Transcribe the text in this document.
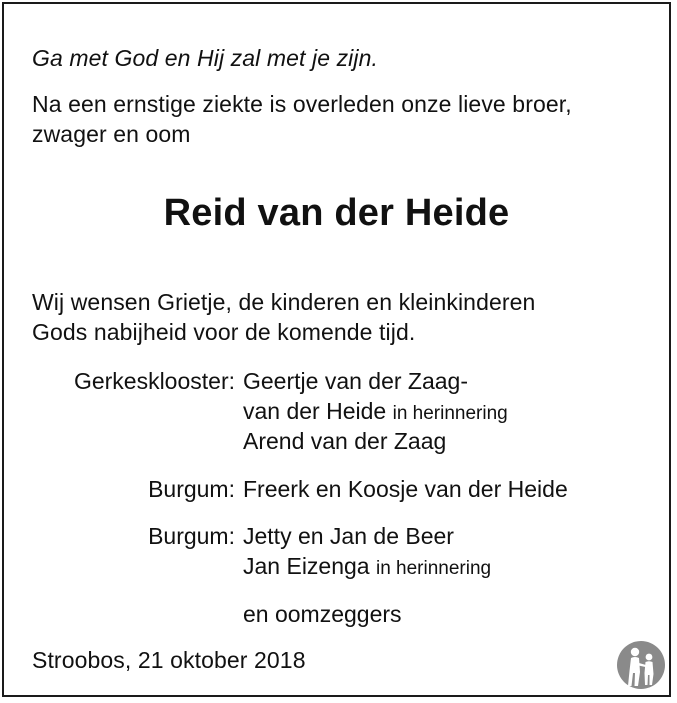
Ga met God en Hij zal met je zijn.
Na een ernstige ziekte is overleden onze lieve broer,
zwager en oom
Reid van der Heide
Wij wensen Grietje, de kinderen en kleinkinderen
Gods nabijheid voor de komende tijd.
Gerkesklooster: Geertje van der Zaag-
van der Heide in herinnering
Arend van der Zaag
Burgum: Freerk en Koosje van der Heide
Burgum: Jetty en Jan de Beer
Jan Eizenga in herinnering
en oomzeggers
Stroobos, 21 oktober 2018
